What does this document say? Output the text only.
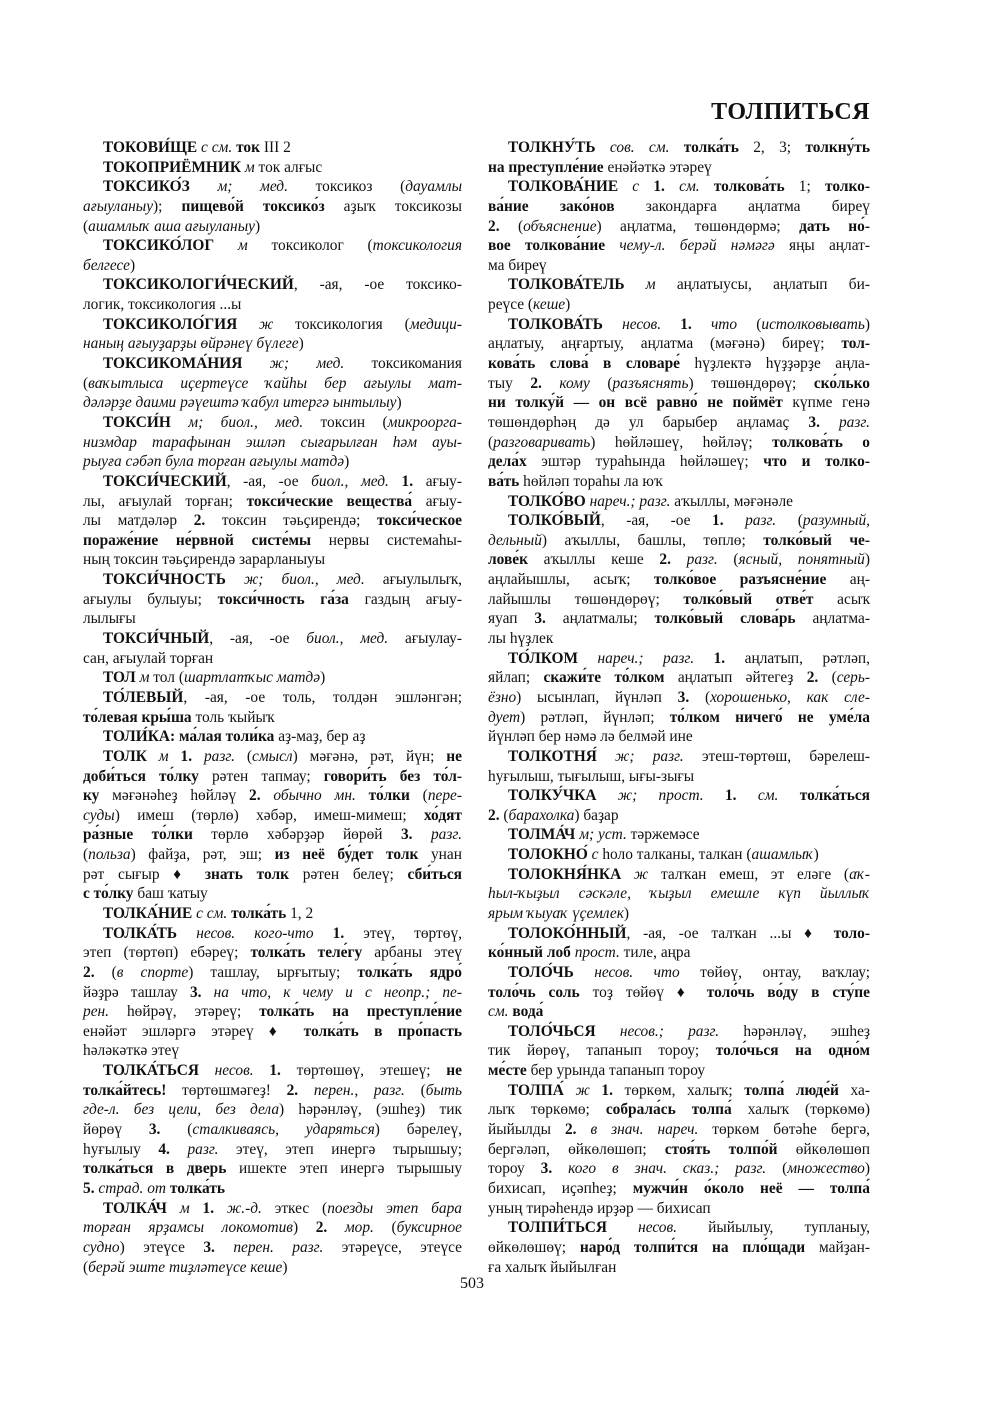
ТОЛПИТЬСЯ
ТОКОВИ́ЩЕ с см. ток III 2
ТОКОПРИЁМНИК м ток алғыс
ТОКСИКО́З м; мед. токсикоз (дауамлы
ағыуланыу); пищево́й токсико́з аҙыҡ токсикозы
(ашамлыҡ аша ағыуланыу)
ТОКСИКО́ЛОГ м токсиколог (токсикология
белгесе)
ТОКСИКОЛОГИ́ЧЕСКИЙ, -ая, -ое токсико-
логик, токсикология ...ы
ТОКСИКОЛО́ГИЯ ж токсикология (медици-
наның ағыуҙарҙы өйрәнеү бүлеге)
ТОКСИКОМА́НИЯ ж; мед. токсикомания
(ваҡытлыса иҫертеүсе ҡайһы бер ағыулы мат-
дәләрҙе даими рәүештә ҡабул итергә ынтылыу)
ТОКСИ́Н м; биол., мед. токсин (микроорга-
низмдар тарафынан эшләп сығарылған һәм ауы-
рыуға сәбәп була торған ағыулы матдә)
ТОКСИ́ЧЕСКИЙ, -ая, -ое биол., мед. 1. ағыу-
лы, ағыулай торған; токси́ческие вещества́ ағыу-
лы матдәләр 2. токсин тәьҫирендә; токси́ческое
пораже́ние не́рвной систе́мы нервы системаһы-
ның токсин тәьҫирендә зарарланыуы
ТОКСИ́ЧНОСТЬ ж; биол., мед. ағыулылыҡ,
ағыулы булыуы; токси́чность га́за газдың ағыу-
лылығы
ТОКСИ́ЧНЫЙ, -ая, -ое биол., мед. ағыулау-
сан, ағыулай торған
ТОЛ м тол (шартлатҡыс матдә)
ТО́ЛЕВЫЙ, -ая, -ое толь, толдән эшләнгән;
то́левая кры́ша толь ҡыйыҡ
ТОЛИ́КА: ма́лая толи́ка аҙ-маҙ, бер аҙ
ТОЛК м 1. разг. (смысл) мәғәнә, рәт, йүн; не
доби́ться то́лку рәтен тапмау; говори́ть без то́л-
ку мәғәнәһеҙ һөйләү 2. обычно мн. то́лки (пере-
суды) имеш (төрлө) хәбәр, имеш-мимеш; хо́дят
ра́зные то́лки төрлө хәбәрҙәр йөрөй 3. разг.
(польза) файҙа, рәт, эш; из неё бу́дет толк унан
рәт сығыр ♦ знать толк рәтен белеү; сби́ться
с то́лку баш ҡатыу
ТОЛКА́НИЕ с см. толка́ть 1, 2
ТОЛКА́ТЬ несов. кого-что 1. этеү, төртөү,
этеп (төртөп) ебәреү; толка́ть теле́гу арбаны этеү
2. (в спорте) ташлау, ырғытыу; толка́ть ядро́
йәҙрә ташлау 3. на что, к чему и с неопр.; пе-
рен. һөйрәү, этәреү; толка́ть на преступле́ние
енәйәт эшләргә этәреү ♦ толка́ть в про́пасть
һәләкәткә этеү
ТОЛКА́ТЬСЯ несов. 1. төртөшөү, этешеү; не
толка́йтесь! төртөшмәгеҙ! 2. перен., разг. (быть
где-л. без цели, без дела) һәрәнләү, (эшһеҙ) тик
йөрөү 3. (сталкиваясь, ударяться) бәрелеү,
һуғылыу 4. разг. этеү, этеп инергә тырышыу;
толка́ться в дверь ишекте этеп инергә тырышыу
5. страд. от толка́ть
ТОЛКА́Ч м 1. ж.-д. эткес (поезды этеп бара
торған ярҙамсы локомотив) 2. мор. (буксирное
судно) этеүсе 3. перен. разг. этәреүсе, этеүсе
(берәй эште тиҙләтеүсе кеше)
ТОЛКНУ́ТЬ сов. см. толка́ть 2, 3; толкну́ть
на преступле́ние енәйәткә этәреү
ТОЛКОВА́НИЕ с 1. см. толкова́ть 1; толко-
ва́ние зако́нов закондарға аңлатма биреү
2. (объяснение) аңлатма, төшөндөрмә; дать но́-
вое толкова́ние чему-л. берәй нәмәгә яңы аңлат-
ма биреү
ТОЛКОВА́ТЕЛЬ м аңлатыусы, аңлатып би-
реүсе (кеше)
ТОЛКОВА́ТЬ несов. 1. что (истолковывать)
аңлатыу, аңғартыу, аңлатма (мәғәнә) биреү; тол-
кова́ть слова́ в словаре́ һүҙлектә һүҙҙәрҙе аңла-
тыу 2. кому (разъяснять) төшөндөрөү; ско́лько
ни толку́й — он всё равно́ не поймёт күпме генә
төшөндөрһәң дә ул барыбер аңламаҫ 3. разг.
(разговаривать) һөйләшеү, һөйләү; толкова́ть о
дела́х эштәр тураһында һөйләшеү; что и толко-
ва́ть һөйләп тораһы ла юҡ
ТОЛКО́ВО нареч.; разг. аҡыллы, мәғәнәле
ТОЛКО́ВЫЙ, -ая, -ое 1. разг. (разумный,
дельный) аҡыллы, башлы, төплө; толко́вый че-
лове́к аҡыллы кеше 2. разг. (ясный, понятный)
аңлайышлы, асыҡ; толко́вое разъясне́ние аң-
лайышлы төшөндөрөү; толко́вый отве́т асыҡ
яуап 3. аңлатмалы; толко́вый слова́рь аңлатма-
лы һүҙлек
ТО́ЛКОМ нареч.; разг. 1. аңлатып, рәтләп,
яйлап; скажи́те то́лком аңлатып әйтегеҙ 2. (серь-
ёзно) ысынлап, йүнләп 3. (хорошенько, как сле-
дует) рәтләп, йүнләп; то́лком ничего́ не уме́ла
йүнләп бер нәмә лә белмәй ине
ТОЛКОТНЯ́ ж; разг. этеш-төртөш, бәрелеш-
һуғылыш, тығылыш, ығы-зығы
ТОЛКУ́ЧКА ж; прост. 1. см. толка́ться
2. (барахолка) баҙар
ТОЛМА́Ч м; уст. тәржемәсе
ТОЛОКНО́ с һоло талканы, талкан (ашамлыҡ)
ТОЛОКНЯ́НКА ж талҡан емеш, эт еләге (аҡ-
һыл-ҡыҙыл сәскәле, ҡыҙыл емешле күп йыллыҡ
ярым ҡыуаҡ үҫемлек)
ТОЛОКО́ННЫЙ, -ая, -ое талҡан ...ы ♦ толо-
ко́нный лоб прост. тиле, аңра
ТОЛО́ЧЬ несов. что төйөү, онтау, ваҡлау;
толо́чь соль тоҙ төйөү ♦ толо́чь во́ду в сту́пе
см. вода́
ТОЛО́ЧЬСЯ несов.; разг. һәрәнләү, эшһеҙ
тик йөрөү, тапанып тороу; толо́чься на одно́м
ме́сте бер урында тапанып тороу
ТОЛПА́ ж 1. төркөм, халыҡ; толпа́ люде́й ха-
лыҡ төркөмө; собрала́сь толпа́ халыҡ (төркөмө)
йыйылды 2. в знач. нареч. төркөм бөтәһе бергә,
бергәләп, өйкөлөшөп; стоя́ть толпо́й өйкөлөшөп
тороу 3. кого в знач. сказ.; разг. (множество)
бихисап, иҫәпһеҙ; мужчи́н о́коло неё — толпа́
уның тирәһендә ирҙәр — бихисап
ТОЛПИ́ТЬСЯ несов. йыйылыу, тупланыу,
өйкөлөшөү; наро́д толпи́тся на пло́щади майҙан-
ға халыҡ йыйылған
503
